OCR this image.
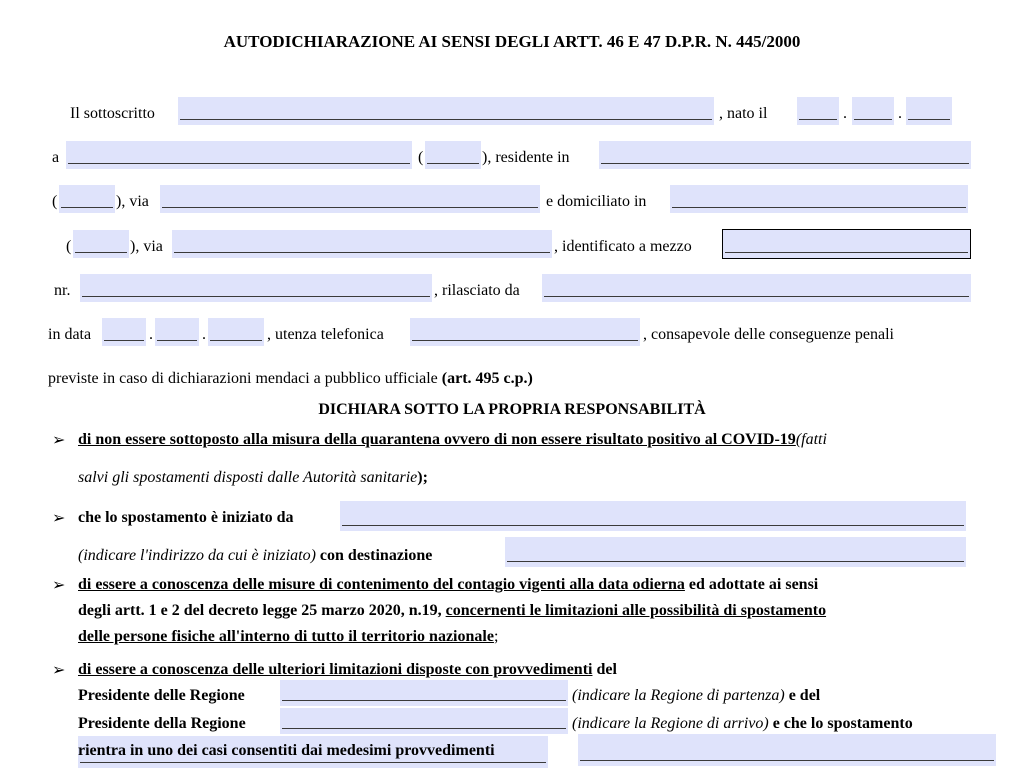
AUTODICHIARAZIONE AI SENSI DEGLI ARTT. 46 E 47 D.P.R. N. 445/2000
Il sottoscritto	, nato il	.	.
a	(	), residente in
(	), via	e domiciliato in
(	), via	, identificato a mezzo
nr.	, rilasciato da
in data	.	.	, utenza telefonica	, consapevole delle conseguenze penali
previste in caso di dichiarazioni mendaci a pubblico ufficiale (art. 495 c.p.)
DICHIARA SOTTO LA PROPRIA RESPONSABILITÀ
➢ di non essere sottoposto alla misura della quarantena ovvero di non essere risultato positivo al COVID-19(fatti
salvi gli spostamenti disposti dalle Autorità sanitarie);
➢ che lo spostamento è iniziato da
(indicare l'indirizzo da cui è iniziato) con destinazione
➢ di essere a conoscenza delle misure di contenimento del contagio vigenti alla data odierna ed adottate ai sensi
degli artt. 1 e 2 del decreto legge 25 marzo 2020, n.19, concernenti le limitazioni alle possibilità di spostamento
delle persone fisiche all'interno di tutto il territorio nazionale;
➢ di essere a conoscenza delle ulteriori limitazioni disposte con provvedimenti del
Presidente delle Regione	(indicare la Regione di partenza) e del
Presidente della Regione	(indicare la Regione di arrivo) e che lo spostamento
rientra in uno dei casi consentiti dai medesimi provvedimenti
